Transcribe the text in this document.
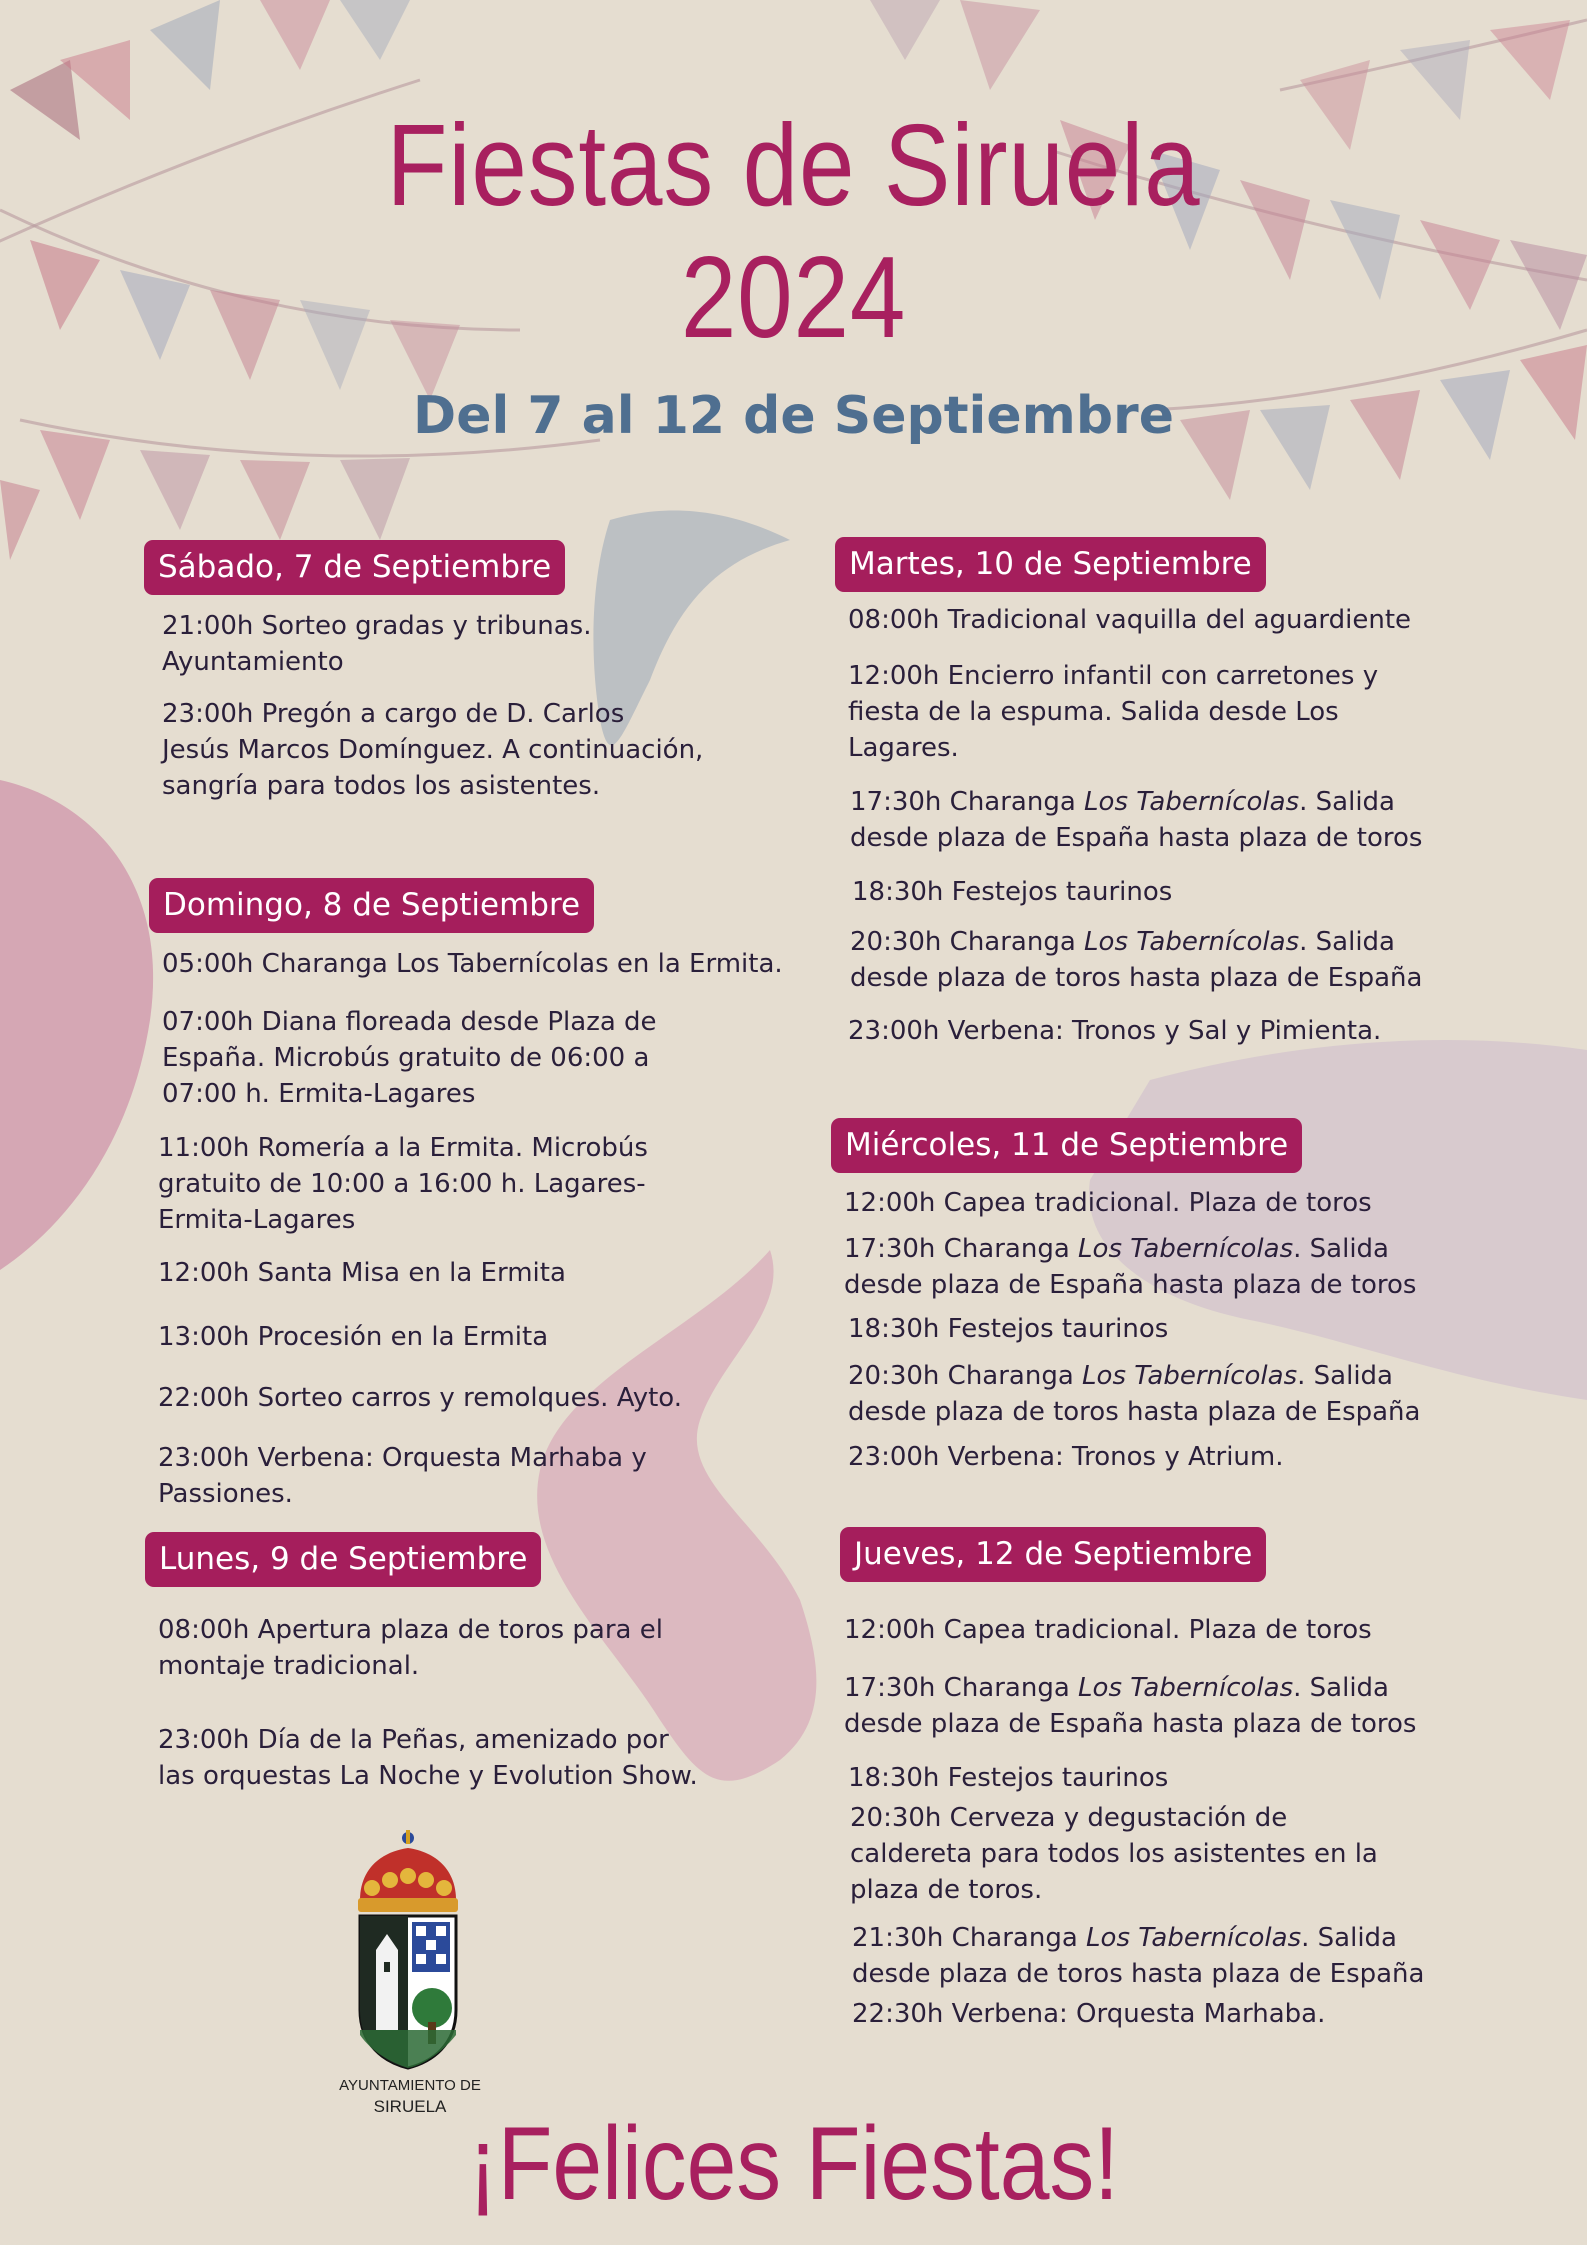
Fiestas de Siruela
2024
Del 7 al 12 de Septiembre
Sábado, 7 de Septiembre
21:00h Sorteo gradas y tribunas.
Ayuntamiento
23:00h Pregón a cargo de D. Carlos
Jesús Marcos Domínguez. A continuación,
sangría para todos los asistentes.
Domingo, 8 de Septiembre
05:00h Charanga Los Tabernícolas en la Ermita.
07:00h Diana floreada desde Plaza de
España. Microbús gratuito de 06:00 a
07:00 h. Ermita-Lagares
11:00h Romería a la Ermita. Microbús
gratuito de 10:00 a 16:00 h. Lagares-
Ermita-Lagares
12:00h Santa Misa en la Ermita
13:00h Procesión en la Ermita
22:00h Sorteo carros y remolques. Ayto.
23:00h Verbena: Orquesta Marhaba y
Passiones.
Lunes, 9 de Septiembre
08:00h Apertura plaza de toros para el
montaje tradicional.
23:00h Día de la Peñas, amenizado por
las orquestas La Noche y Evolution Show.
Martes, 10 de Septiembre
08:00h Tradicional vaquilla del aguardiente
12:00h Encierro infantil con carretones y
fiesta de la espuma. Salida desde Los
Lagares.
17:30h Charanga Los Tabernícolas. Salida
desde plaza de España hasta plaza de toros
18:30h Festejos taurinos
20:30h Charanga Los Tabernícolas. Salida
desde plaza de toros hasta plaza de España
23:00h Verbena: Tronos y Sal y Pimienta.
Miércoles, 11 de Septiembre
12:00h Capea tradicional. Plaza de toros
17:30h Charanga Los Tabernícolas. Salida
desde plaza de España hasta plaza de toros
18:30h Festejos taurinos
20:30h Charanga Los Tabernícolas. Salida
desde plaza de toros hasta plaza de España
23:00h Verbena: Tronos y Atrium.
Jueves, 12 de Septiembre
12:00h Capea tradicional. Plaza de toros
17:30h Charanga Los Tabernícolas. Salida
desde plaza de España hasta plaza de toros
18:30h Festejos taurinos
20:30h Cerveza y degustación de
caldereta para todos los asistentes en la
plaza de toros.
21:30h Charanga Los Tabernícolas. Salida
desde plaza de toros hasta plaza de España
22:30h Verbena: Orquesta Marhaba.
AYUNTAMIENTO DE
SIRUELA ¡Felices Fiestas!
